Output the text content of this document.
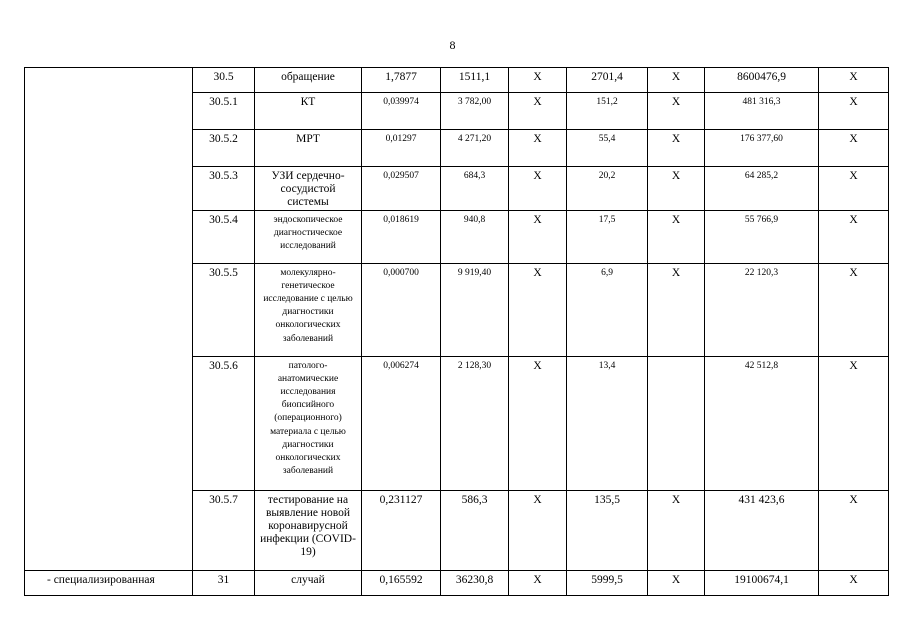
8
	30.5	обращение	1,7877	1511,1	X	2701,4	X	8600476,9	X
	30.5.1	КТ	0,039974	3 782,00	X	151,2	X	481 316,3	X
	30.5.2	МРТ	0,01297	4 271,20	X	55,4	X	176 377,60	X
	30.5.3	УЗИ сердечно-сосудистой системы	0,029507	684,3	X	20,2	X	64 285,2	X
	30.5.4	эндоскопическое диагностическое исследований	0,018619	940,8	X	17,5	X	55 766,9	X
	30.5.5	молекулярно-генетическое исследование с целью диагностики онкологических заболеваний	0,000700	9 919,40	X	6,9	X	22 120,3	X
	30.5.6	патолого-анатомические исследования биопсийного (операционного) материала с целью диагностики онкологических заболеваний	0,006274	2 128,30	X	13,4		42 512,8	X
	30.5.7	тестирование на выявление новой коронавирусной инфекции (COVID-19)	0,231127	586,3	X	135,5	X	431 423,6	X
- специализированная	31	случай	0,165592	36230,8	X	5999,5	X	19100674,1	X
